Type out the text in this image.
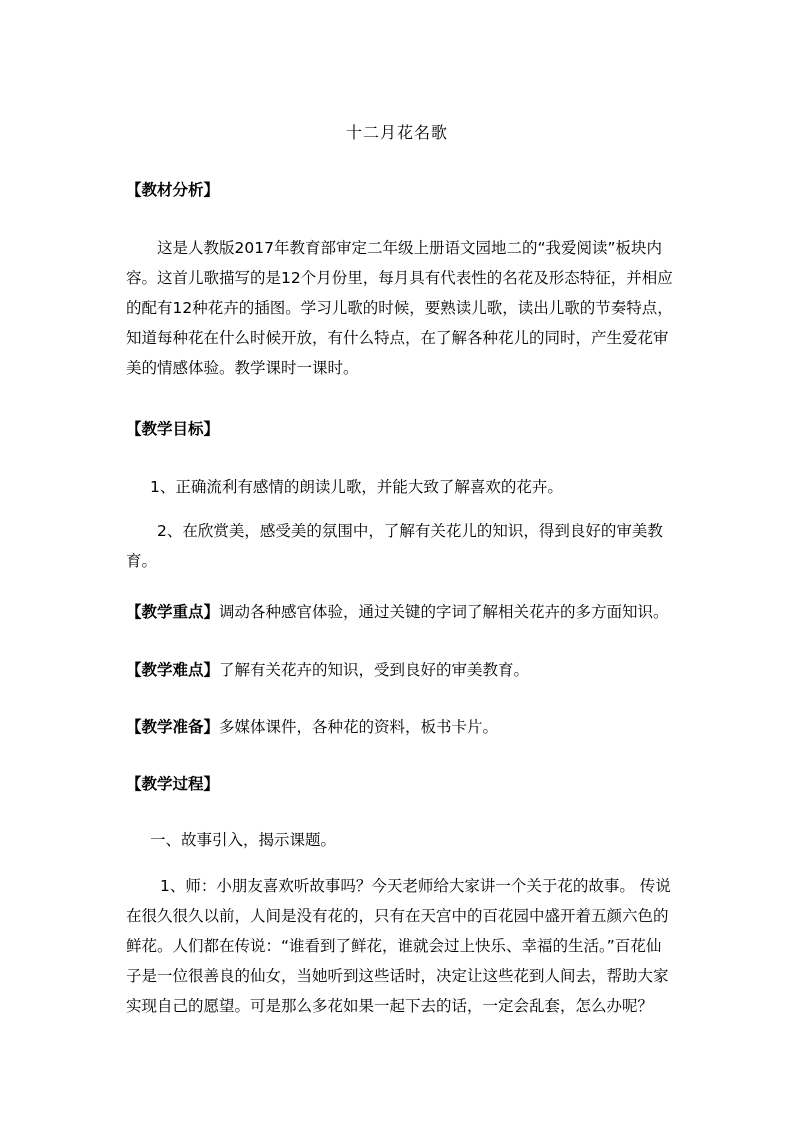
十二月花名歌
【教材分析】
这是人教版2017年教育部审定二年级上册语文园地二的“我爱阅读”板块内容。这首儿歌描写的是12个月份里，每月具有代表性的名花及形态特征，并相应的配有12种花卉的插图。学习儿歌的时候，要熟读儿歌，读出儿歌的节奏特点，知道每种花在什么时候开放，有什么特点，在了解各种花儿的同时，产生爱花审美的情感体验。教学课时一课时。
【教学目标】
1、正确流利有感情的朗读儿歌，并能大致了解喜欢的花卉。
2、在欣赏美，感受美的氛围中，了解有关花儿的知识，得到良好的审美教育。
【教学重点】调动各种感官体验，通过关键的字词了解相关花卉的多方面知识。
【教学难点】了解有关花卉的知识，受到良好的审美教育。
【教学准备】多媒体课件，各种花的资料，板书卡片。
【教学过程】
一、故事引入，揭示课题。
1、师：小朋友喜欢听故事吗？今天老师给大家讲一个关于花的故事。 传说在很久很久以前，人间是没有花的，只有在天宫中的百花园中盛开着五颜六色的鲜花。人们都在传说：“谁看到了鲜花，谁就会过上快乐、幸福的生活。”百花仙子是一位很善良的仙女，当她听到这些话时，决定让这些花到人间去，帮助大家实现自己的愿望。可是那么多花如果一起下去的话，一定会乱套，怎么办呢？
